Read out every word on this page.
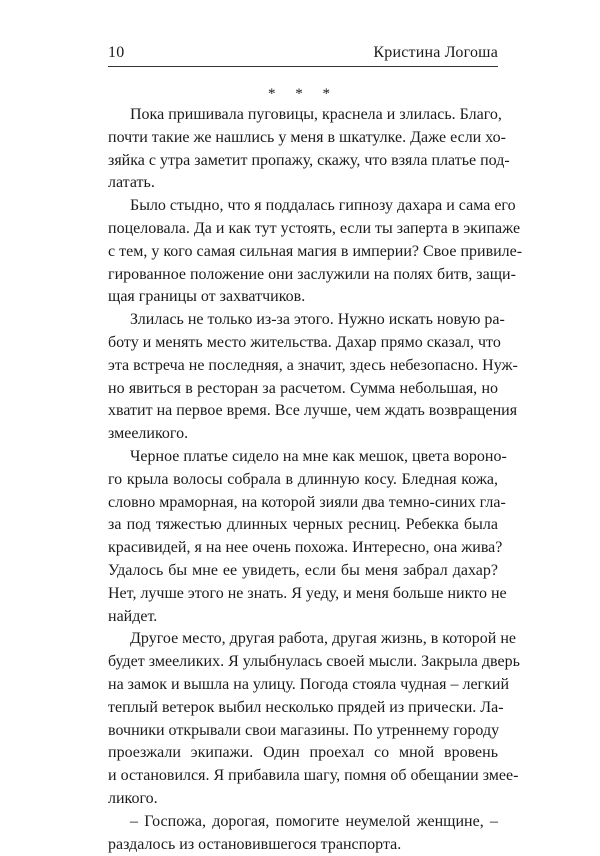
10	Кристина Логоша
* * *
Пока пришивала пуговицы, краснела и злилась. Благо,
почти такие же нашлись у меня в шкатулке. Даже если хо-
зяйка с утра заметит пропажу, скажу, что взяла платье под-
латать.
Было стыдно, что я поддалась гипнозу дахара и сама его
поцеловала. Да и как тут устоять, если ты заперта в экипаже
с тем, у кого самая сильная магия в империи? Свое привиле-
гированное положение они заслужили на полях битв, защи-
щая границы от захватчиков.
Злилась не только из-за этого. Нужно искать новую ра-
боту и менять место жительства. Дахар прямо сказал, что
эта встреча не последняя, а значит, здесь небезопасно. Нуж-
но явиться в ресторан за расчетом. Сумма небольшая, но
хватит на первое время. Все лучше, чем ждать возвращения
змееликого.
Черное платье сидело на мне как мешок, цвета вороно-
го крыла волосы собрала в длинную косу. Бледная кожа,
словно мраморная, на которой зияли два темно-синих гла-
за под тяжестью длинных черных ресниц. Ребекка была
красивидей, я на нее очень похожа. Интересно, она жива?
Удалось бы мне ее увидеть, если бы меня забрал дахар?
Нет, лучше этого не знать. Я уеду, и меня больше никто не
найдет.
Другое место, другая работа, другая жизнь, в которой не
будет змееликих. Я улыбнулась своей мысли. Закрыла дверь
на замок и вышла на улицу. Погода стояла чудная – легкий
теплый ветерок выбил несколько прядей из прически. Ла-
вочники открывали свои магазины. По утреннему городу
проезжали экипажи. Один проехал со мной вровень
и остановился. Я прибавила шагу, помня об обещании змее-
ликого.
– Госпожа, дорогая, помогите неумелой женщине, –
раздалось из остановившегося транспорта.
